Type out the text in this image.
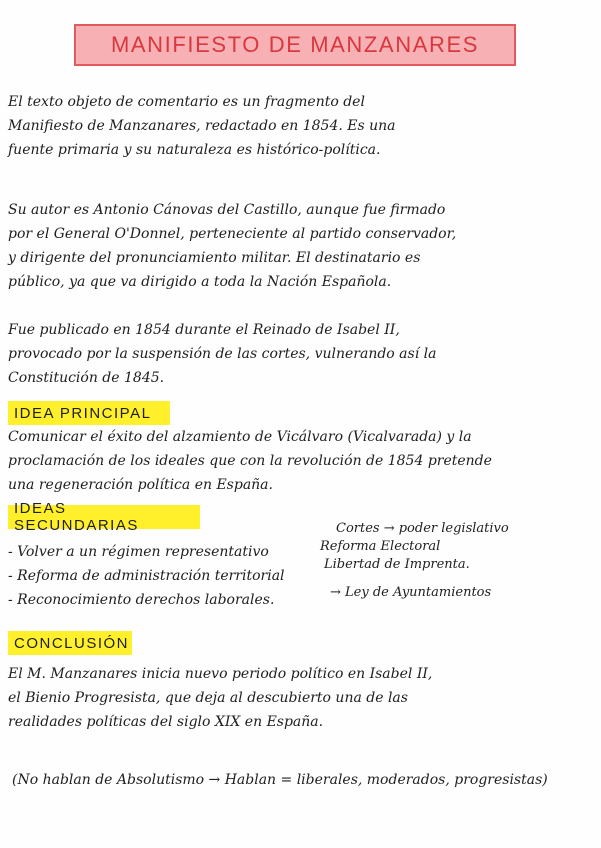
MANIFIESTO DE MANZANARES

El texto objeto de comentario es un fragmento del

Manifiesto de Manzanares, redactado en 1854. Es una

fuente primaria y su naturaleza es histórico-política.

Su autor es Antonio Cánovas del Castillo, aunque fue firmado

por el General O'Donnel, perteneciente al partido conservador,

y dirigente del pronunciamiento militar. El destinatario es

público, ya que va dirigido a toda la Nación Española.

Fue publicado en 1854 durante el Reinado de Isabel II,

provocado por la suspensión de las cortes, vulnerando así la

Constitución de 1845.

IDEA PRINCIPAL

Comunicar el éxito del alzamiento de Vicálvaro (Vicalvarada) y la

proclamación de los ideales que con la revolución de 1854 pretende

una regeneración política en España.

IDEAS SECUNDARIAS
- Volver a un régimen representativo
- Reforma de administración territorial
- Reconocimiento derechos laborales.
Cortes → poder legislativo
Reforma Electoral
Libertad de Imprenta.
→ Ley de Ayuntamientos
CONCLUSIÓN

El M. Manzanares inicia nuevo periodo político en Isabel II,

el Bienio Progresista, que deja al descubierto una de las

realidades políticas del siglo XIX en España.

(No hablan de Absolutismo → Hablan = liberales, moderados, progresistas)
